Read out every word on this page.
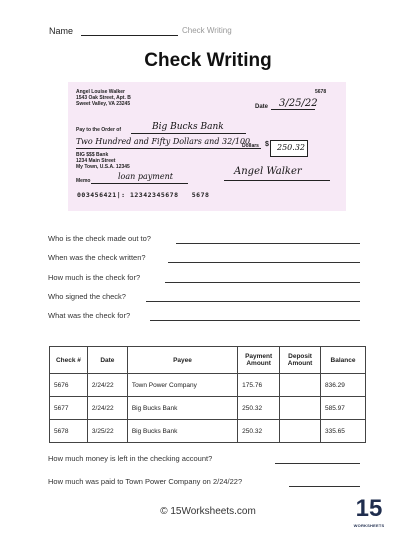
Name	Check Writing
Check Writing
Angel Louise Walker
1543 Oak Street, Apt. B
Sweet Valley, VA 23245
5678
Date 3/25/22
Pay to the Order of	Big Bucks Bank
Two Hundred and Fifty Dollars and 32/100
Dollars $ 250.32
BIG $$$ Bank
1234 Main Street
My Town, U.S.A. 12345
Memo	loan payment	Angel Walker
003456421|: 12342345678   5678
Who is the check made out to?
When was the check written?
How much is the check for?
Who signed the check?
What was the check for?
Check #	Date	Payee	Payment Amount	Deposit Amount	Balance
5676	2/24/22	Town Power Company	175.76		836.29
5677	2/24/22	Big Bucks Bank	250.32		585.97
5678	3/25/22	Big Bucks Bank	250.32		335.65
How much money is left in the checking account?
How much was paid to Town Power Company on 2/24/22?
© 15Worksheets.com	15
WORKSHEETS
